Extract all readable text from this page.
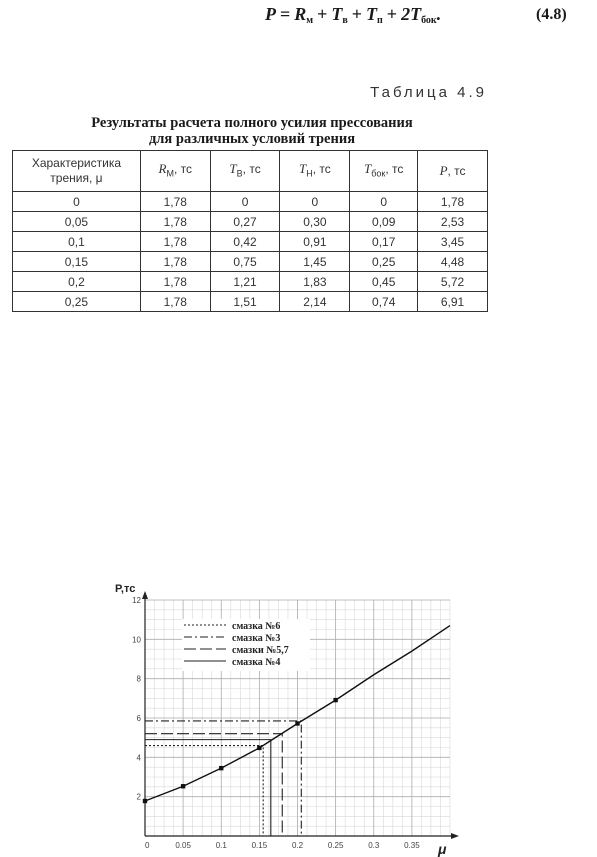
$P = R_м + T_в + T_п + 2T_{бок}$.	(4.8)
Таблица 4.9
Результаты расчета полного усилия прессования
для различных условий трения
Характеристика
трения, μ	$R_М$, тс	$T_В$, тс	$T_Н$, тс	$T_{бок}$, тс	P, тс
0	1,78	0	0	0	1,78
0,05	1,78	0,27	0,30	0,09	2,53
0,1	1,78	0,42	0,91	0,17	3,45
0,15	1,78	0,75	1,45	0,25	4,48
0,2	1,78	1,21	1,83	0,45	5,72
0,25	1,78	1,51	2,14	0,74	6,91
P,тс
μ
2
4
6
8
10
12
0	0.05	0.1	0.15	0.2	0.25	0.3	0.35
смазка №6
смазка №3
смазки №5,7
смазка №4
